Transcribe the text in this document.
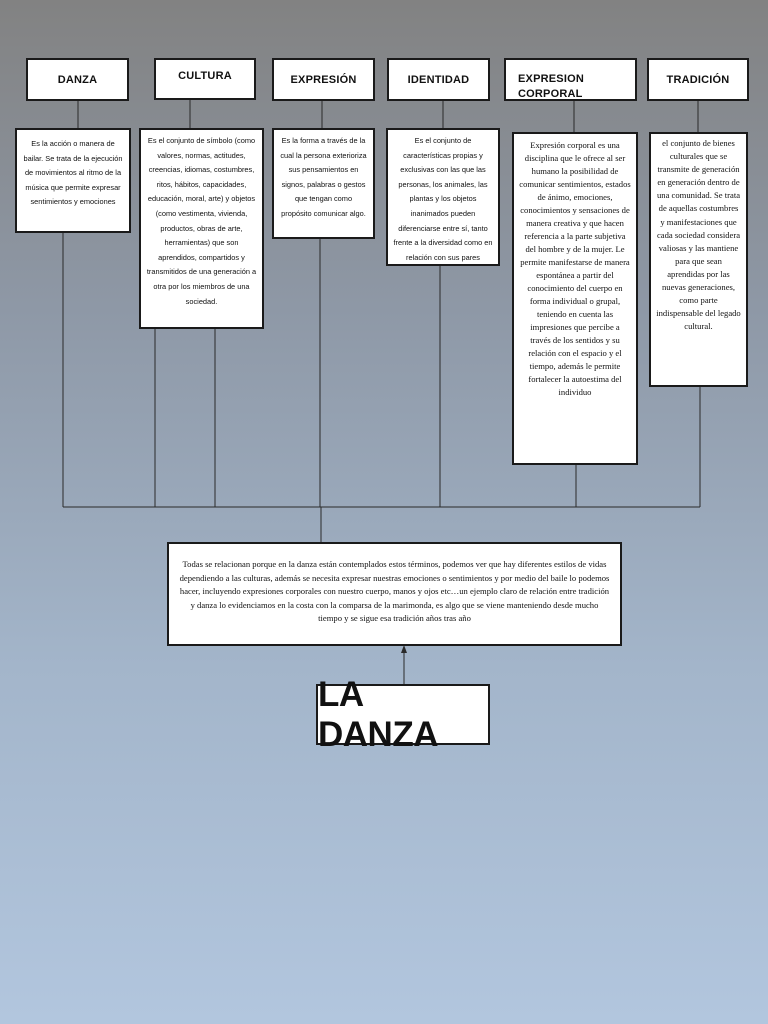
DANZA	CULTURA	EXPRESIÓN	IDENTIDAD	EXPRESION CORPORAL
TRADICIÓN
Es la acción o manera de bailar. Se trata de la ejecución de movimientos al ritmo de la música que permite expresar sentimientos y emociones
Es el conjunto de símbolo (como valores, normas, actitudes, creencias, idiomas, costumbres, ritos, hábitos, capacidades, educación, moral, arte) y objetos (como vestimenta, vivienda, productos, obras de arte, herramientas) que son aprendidos, compartidos y transmitidos de una generación a otra por los miembros de una sociedad.
Es la forma a través de la cual la persona exterioriza sus pensamientos en signos, palabras o gestos que tengan como propósito comunicar algo.
Es el conjunto de características propias y exclusivas con las que las personas, los animales, las plantas y los objetos inanimados pueden diferenciarse entre sí, tanto frente a la diversidad como en relación con sus pares
Expresión corporal es una disciplina que le ofrece al ser humano la posibilidad de comunicar sentimientos, estados de ánimo, emociones, conocimientos y sensaciones de manera creativa y que hacen referencia a la parte subjetiva del hombre y de la mujer. Le permite manifestarse de manera espontánea a partir del conocimiento del cuerpo en forma individual o grupal, teniendo en cuenta las impresiones que percibe a través de los sentidos y su relación con el espacio y el tiempo, además le permite fortalecer la autoestima del individuo
el conjunto de bienes culturales que se transmite de generación en generación dentro de una comunidad. Se trata de aquellas costumbres y manifestaciones que cada sociedad considera valiosas y las mantiene para que sean aprendidas por las nuevas generaciones, como parte indispensable del legado cultural.
Todas se relacionan porque en la danza están contemplados estos términos, podemos ver que hay diferentes estilos de vidas dependiendo a las culturas, además se necesita expresar nuestras emociones o sentimientos y por medio del baile lo podemos hacer, incluyendo expresiones corporales con nuestro cuerpo, manos y ojos etc…un ejemplo claro de relación entre tradición y danza lo evidenciamos en la costa con la comparsa de la marimonda, es algo que se viene manteniendo desde mucho tiempo y se sigue esa tradición años tras año
LA DANZA
